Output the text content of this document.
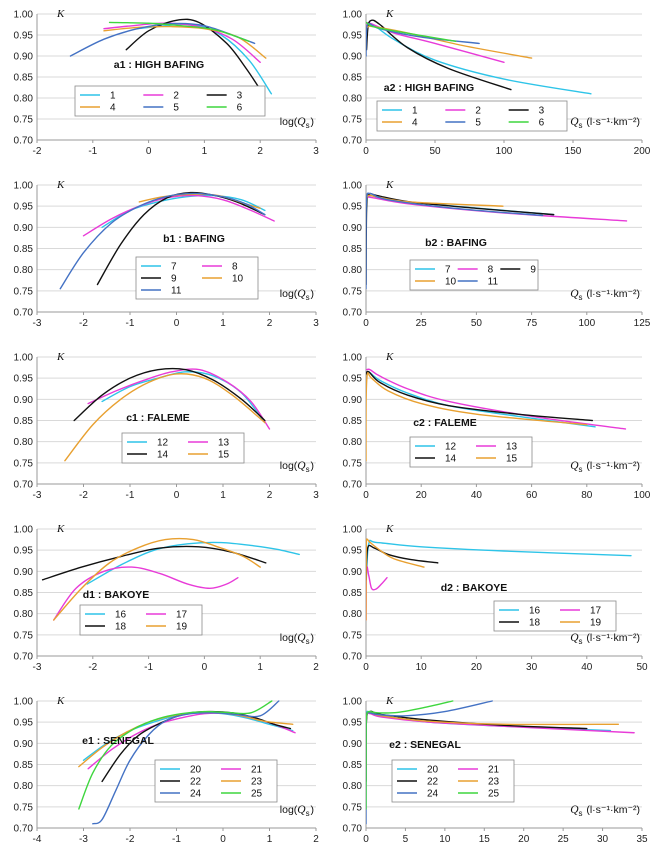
0.70
0.75
0.80
0.85
0.90
0.95
1.00
-2	-1	0	1	2	3
K
$\log(Q_s$ )
a1 : HIGH BAFING
1	2	3
4	5	6
0.70
0.75
0.80
0.85
0.90
0.95
1.00
0	50	100	150	200
K
$Q_s$  (l·s⁻¹·km⁻²)
a2 : HIGH BAFING
1	2	3
4	5	6
0.70
0.75
0.80
0.85
0.90
0.95
1.00
-3	-2	-1	0	1	2	3
K
$\log(Q_s$ )
b1 : BAFING
7	8
9	10
11
0.70
0.75
0.80
0.85
0.90
0.95
1.00
0	25	50	75	100	125
K
$Q_s$  (l·s⁻¹·km⁻²)
b2 : BAFING
7	8	9
10	11
0.70
0.75
0.80
0.85
0.90
0.95
1.00
-3	-2	-1	0	1	2	3
K
$\log(Q_s$ )
c1 : FALEME
12	13
14	15
0.70
0.75
0.80
0.85
0.90
0.95
1.00
0	20	40	60	80	100
K
$Q_s$  (l·s⁻¹·km⁻²)
c2 : FALEME
12	13
14	15
0.70
0.75
0.80
0.85
0.90
0.95
1.00
-3	-2	-1	0	1	2
K
$\log(Q_s$ )
d1 : BAKOYE
16	17
18	19
0.70
0.75
0.80
0.85
0.90
0.95
1.00
0	10	20	30	40	50
K
$Q_s$  (l·s⁻¹·km⁻²)
d2 : BAKOYE
16	17
18	19
0.70
0.75
0.80
0.85
0.90
0.95
1.00
-4	-3	-2	-1	0	1	2
K
$\log(Q_s$ )
e1 : SENEGAL
20	21
22	23
24	25
0.70
0.75
0.80
0.85
0.90
0.95
1.00
0	5	10	15	20	25	30	35
K
$Q_s$  (l·s⁻¹·km⁻²)
e2 : SENEGAL
20	21
22	23
24	25
